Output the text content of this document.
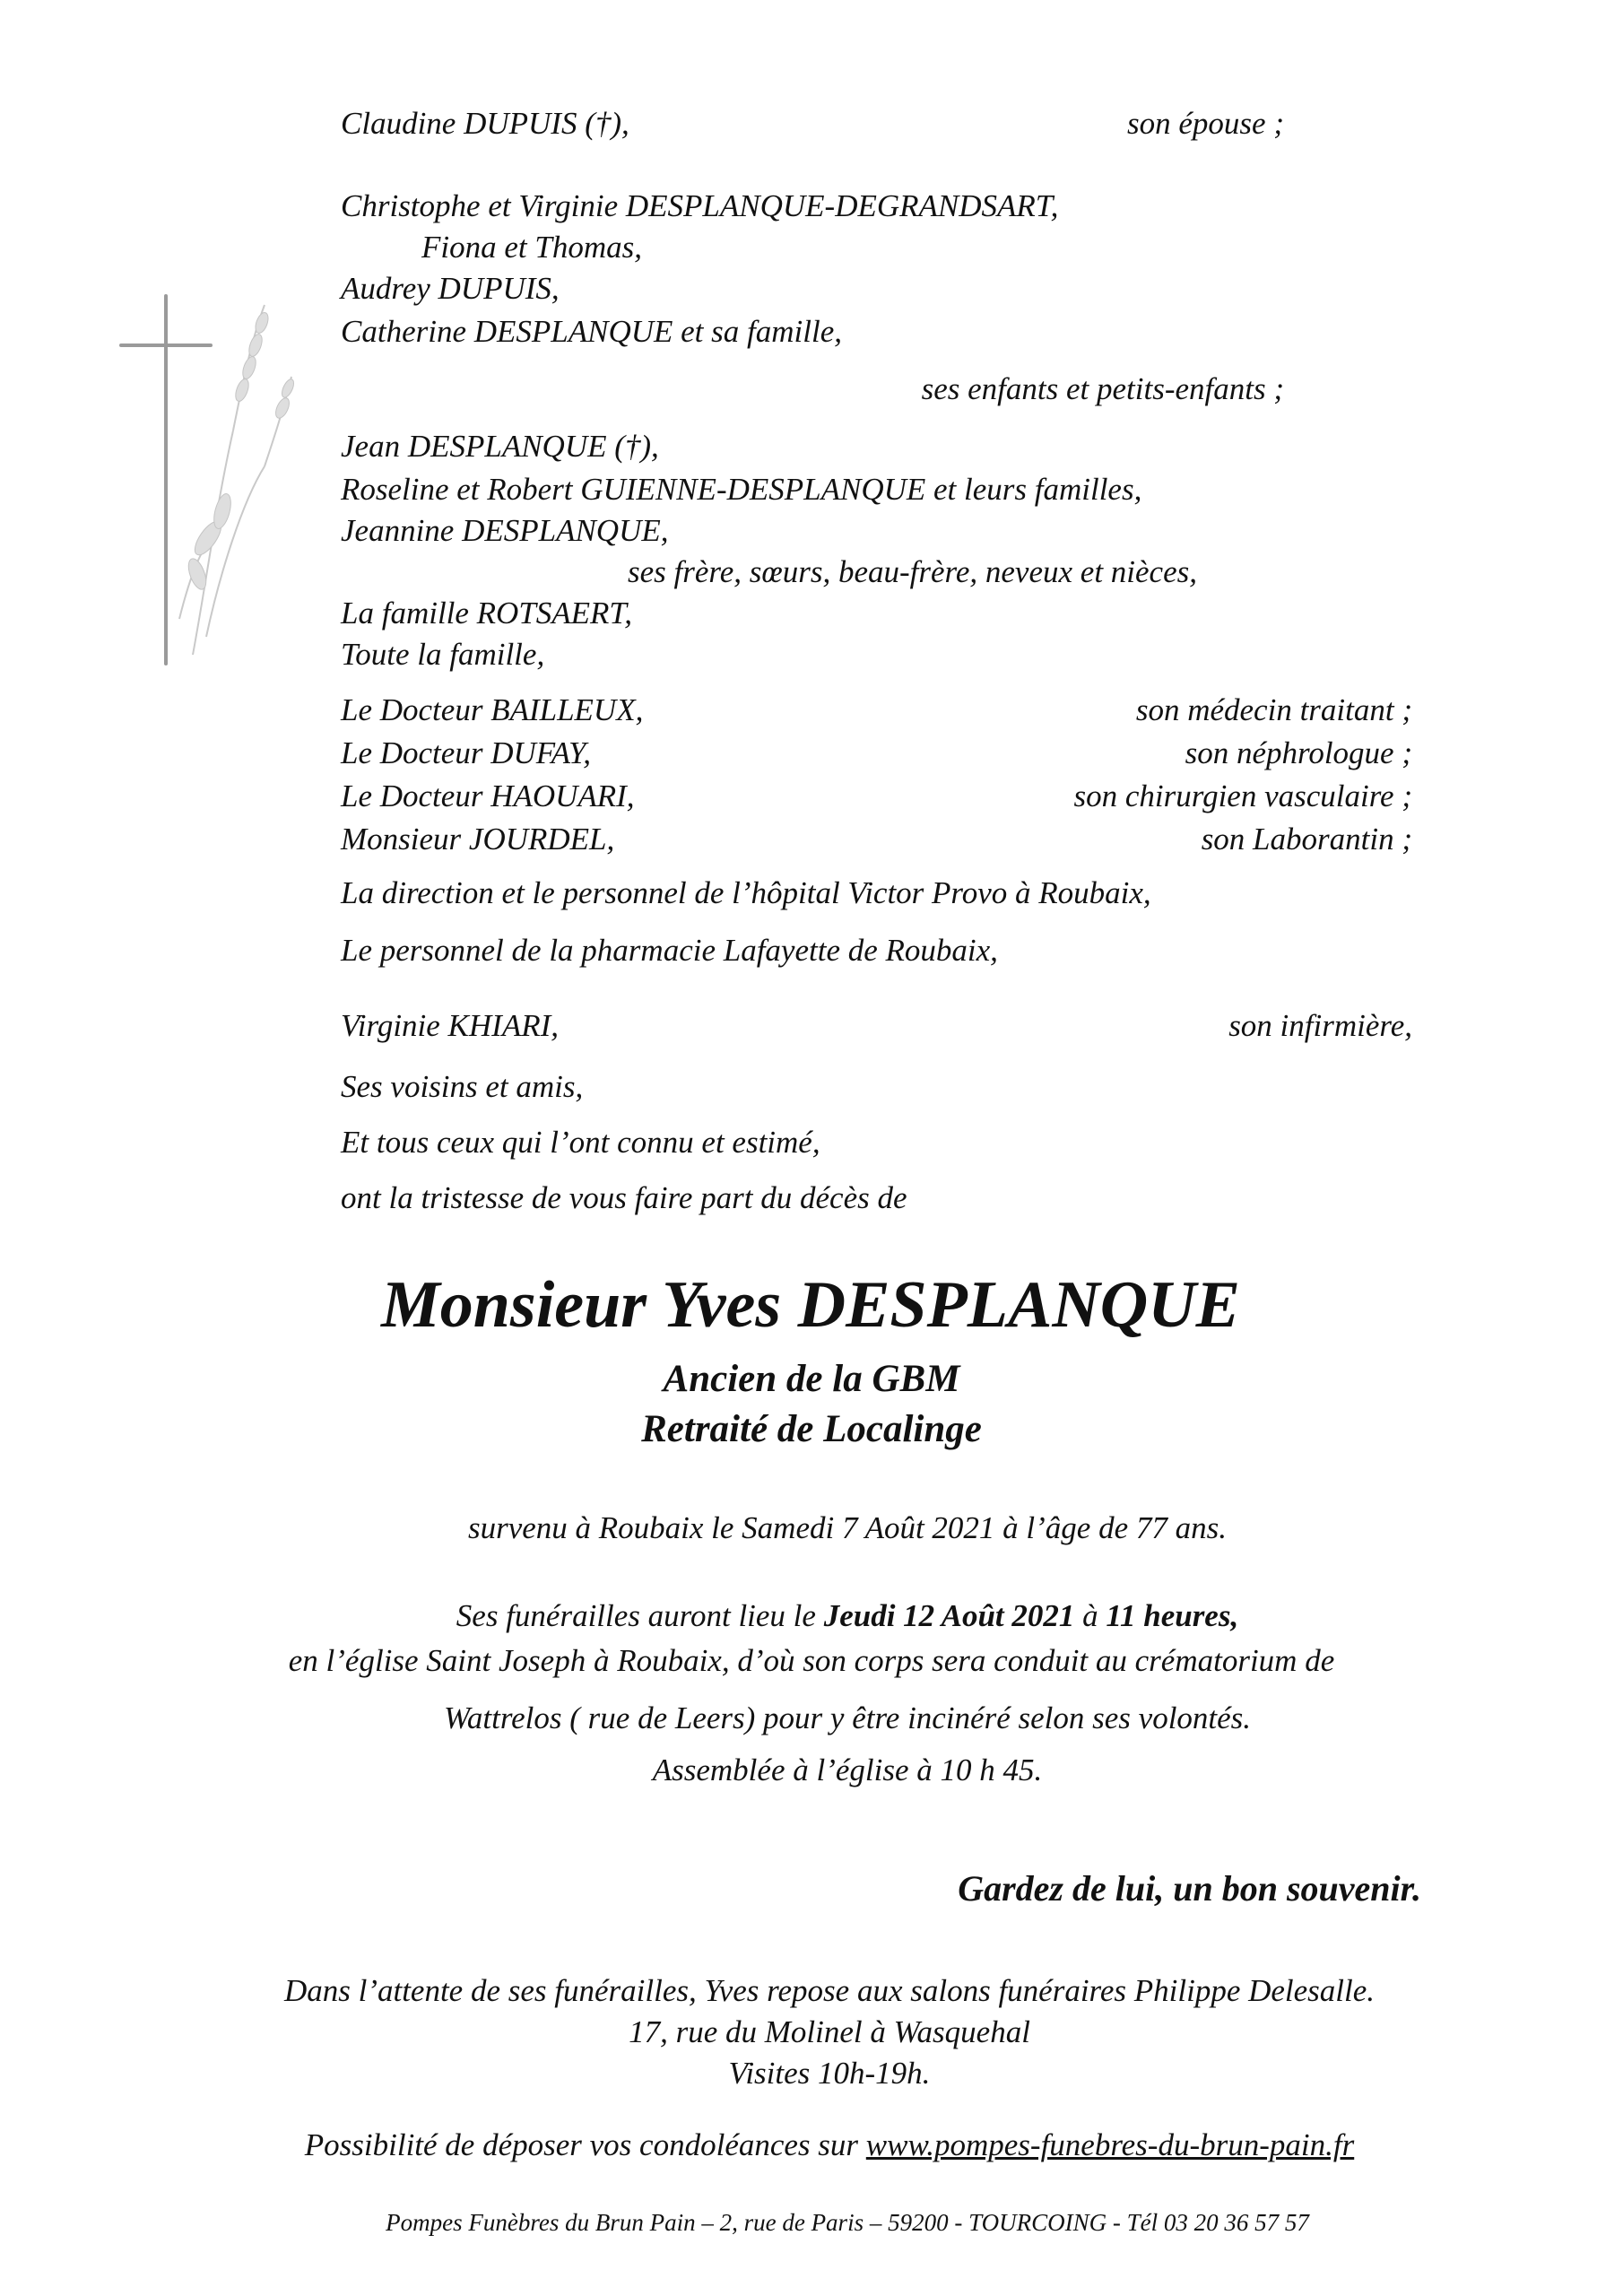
Claudine DUPUIS (†),	son épouse ;
Christophe et Virginie DESPLANQUE-DEGRANDSART,
Fiona et Thomas,
Audrey DUPUIS,
Catherine DESPLANQUE et sa famille,
ses enfants et petits-enfants ;
Jean DESPLANQUE (†),
Roseline et Robert GUIENNE-DESPLANQUE et leurs familles,
Jeannine DESPLANQUE,
ses frère, sœurs, beau-frère, neveux et nièces,
La famille ROTSAERT,
Toute la famille,
Le Docteur BAILLEUX,	son médecin traitant ;
Le Docteur DUFAY,	son néphrologue ;
Le Docteur HAOUARI,	son chirurgien vasculaire ;
Monsieur JOURDEL,	son Laborantin ;
La direction et le personnel de l’hôpital Victor Provo à Roubaix,
Le personnel de la pharmacie Lafayette de Roubaix,
Virginie KHIARI,	son infirmière,
Ses voisins et amis,
Et tous ceux qui l’ont connu et estimé,
ont la tristesse de vous faire part du décès de
Monsieur Yves DESPLANQUE
Ancien de la GBM
Retraité de Localinge
survenu à Roubaix le Samedi 7 Août 2021 à l’âge de 77 ans.
Ses funérailles auront lieu le Jeudi 12 Août 2021 à 11 heures,
en l’église Saint Joseph à Roubaix, d’où son corps sera conduit au crématorium de
Wattrelos ( rue de Leers) pour y être incinéré selon ses volontés.
Assemblée à l’église à 10 h 45.
Gardez de lui, un bon souvenir.
Dans l’attente de ses funérailles, Yves repose aux salons funéraires Philippe Delesalle.
17, rue du Molinel à Wasquehal
Visites 10h-19h.
Possibilité de déposer vos condoléances sur www.pompes-funebres-du-brun-pain.fr
Pompes Funèbres du Brun Pain – 2, rue de Paris – 59200 - TOURCOING - Tél 03 20 36 57 57
